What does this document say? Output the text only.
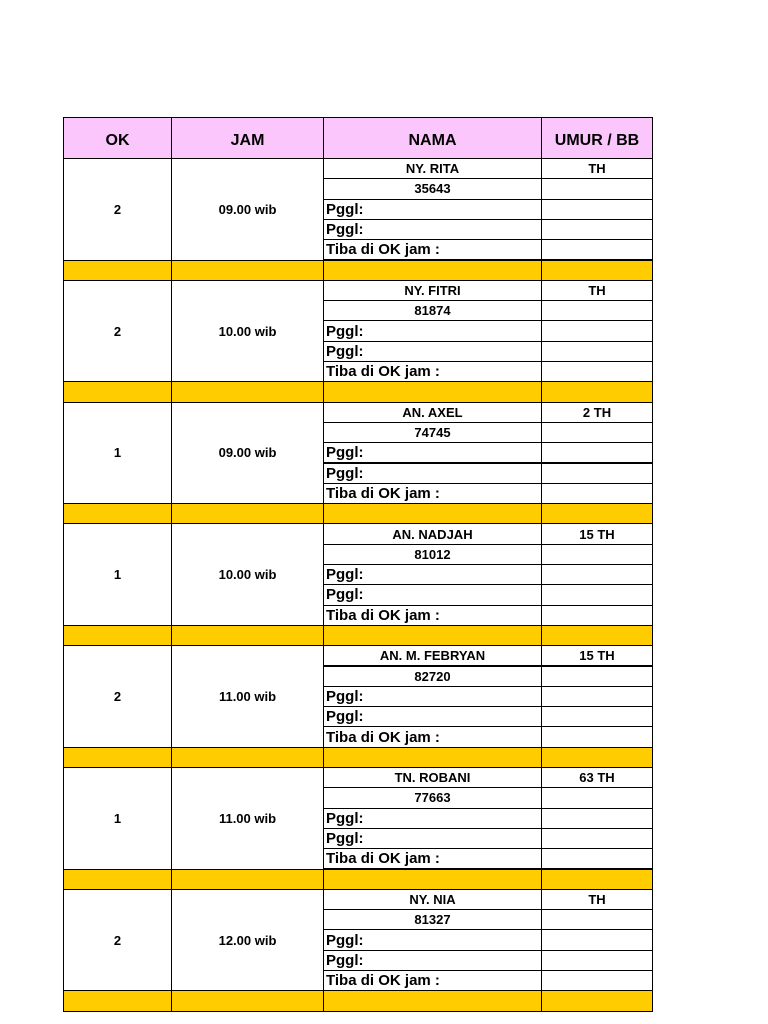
OK	JAM	NAMA	UMUR / BB
2	09.00 wib
NY. RITA	TH
35643
Pggl:
Pggl:
Tiba di OK jam :
2	10.00 wib
NY. FITRI	TH
81874
Pggl:
Pggl:
Tiba di OK jam :
1	09.00 wib
AN. AXEL	2 TH
74745
Pggl:
Pggl:
Tiba di OK jam :
1	10.00 wib
AN. NADJAH	15 TH
81012
Pggl:
Pggl:
Tiba di OK jam :
2	11.00 wib
AN. M. FEBRYAN	15 TH
82720
Pggl:
Pggl:
Tiba di OK jam :
1	11.00 wib
TN. ROBANI	63 TH
77663
Pggl:
Pggl:
Tiba di OK jam :
2	12.00 wib
NY. NIA	TH
81327
Pggl:
Pggl:
Tiba di OK jam :
